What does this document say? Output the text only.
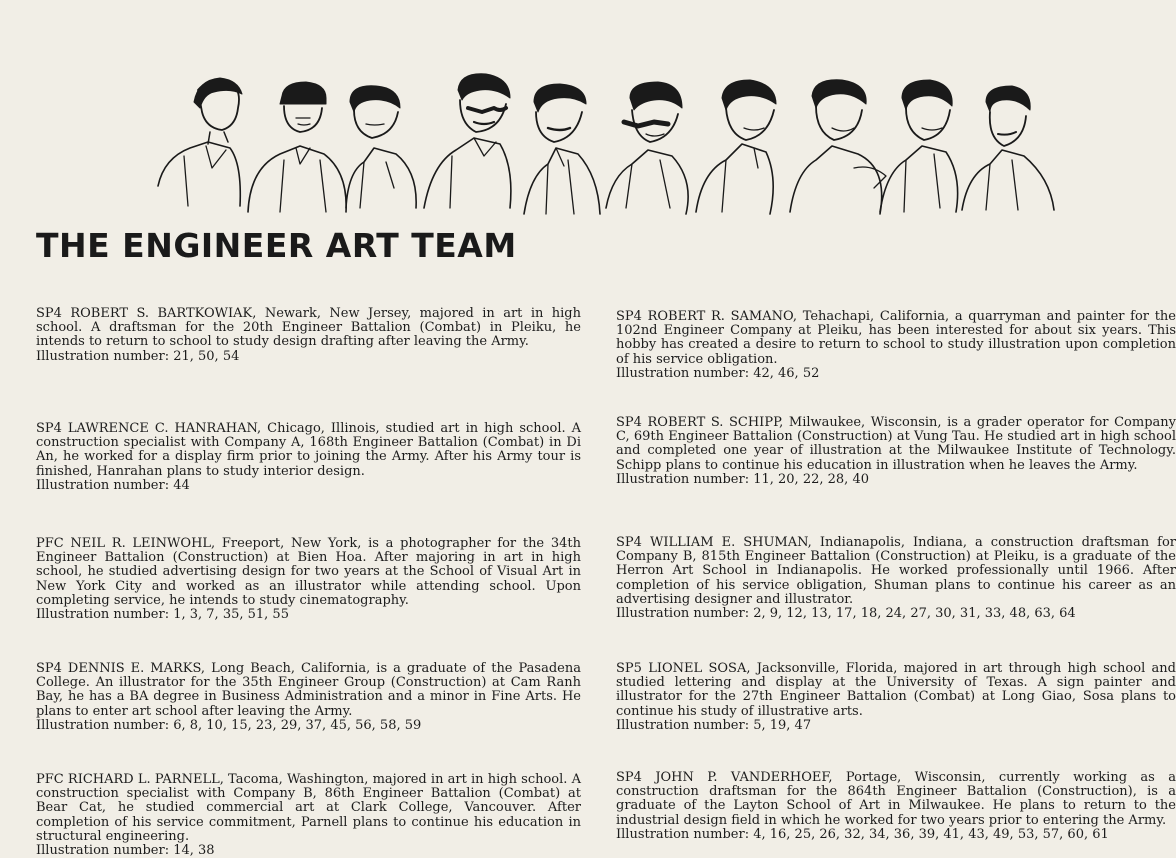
THE ENGINEER ART TEAM

SP4 ROBERT S. BARTKOWIAK, Newark, New Jersey, majored in art in high school. A draftsman for the 20th Engineer Battalion (Combat) in Pleiku, he intends to return to school to study design drafting after leaving the Army.

Illustration number: 21, 50, 54

SP4 LAWRENCE C. HANRAHAN, Chicago, Illinois, studied art in high school. A construction specialist with Company A, 168th Engineer Battalion (Combat) in Di An, he worked for a display firm prior to joining the Army. After his Army tour is finished, Hanrahan plans to study interior design.

Illustration number: 44

PFC NEIL R. LEINWOHL, Freeport, New York, is a photographer for the 34th Engineer Battalion (Construction) at Bien Hoa. After majoring in art in high school, he studied advertising design for two years at the School of Visual Art in New York City and worked as an illustrator while attending school. Upon completing service, he intends to study cinematography.

Illustration number: 1, 3, 7, 35, 51, 55

SP4 DENNIS E. MARKS, Long Beach, California, is a graduate of the Pasadena College. An illustrator for the 35th Engineer Group (Construction) at Cam Ranh Bay, he has a BA degree in Business Administration and a minor in Fine Arts. He plans to enter art school after leaving the Army.

Illustration number: 6, 8, 10, 15, 23, 29, 37, 45, 56, 58, 59

PFC RICHARD L. PARNELL, Tacoma, Washington, majored in art in high school. A construction specialist with Company B, 86th Engineer Battalion (Combat) at Bear Cat, he studied commercial art at Clark College, Vancouver. After completion of his service commitment, Parnell plans to continue his education in structural engineering.

Illustration number: 14, 38

SP4 ROBERT R. SAMANO, Tehachapi, California, a quarryman and painter for the 102nd Engineer Company at Pleiku, has been interested for about six years. This hobby has created a desire to return to school to study illustration upon completion of his service obligation.

Illustration number: 42, 46, 52

SP4 ROBERT S. SCHIPP, Milwaukee, Wisconsin, is a grader operator for Company C, 69th Engineer Battalion (Construction) at Vung Tau. He studied art in high school and completed one year of illustration at the Milwaukee Institute of Technology. Schipp plans to continue his education in illustration when he leaves the Army.

Illustration number: 11, 20, 22, 28, 40

SP4 WILLIAM E. SHUMAN, Indianapolis, Indiana, a construction draftsman for Company B, 815th Engineer Battalion (Construction) at Pleiku, is a graduate of the Herron Art School in Indianapolis. He worked professionally until 1966. After completion of his service obligation, Shuman plans to continue his career as an advertising designer and illustrator.

Illustration number: 2, 9, 12, 13, 17, 18, 24, 27, 30, 31, 33, 48, 63, 64

SP5 LIONEL SOSA, Jacksonville, Florida, majored in art through high school and studied lettering and display at the University of Texas. A sign painter and illustrator for the 27th Engineer Battalion (Combat) at Long Giao, Sosa plans to continue his study of illustrative arts.

Illustration number: 5, 19, 47

SP4 JOHN P. VANDERHOEF, Portage, Wisconsin, currently working as a construction draftsman for the 864th Engineer Battalion (Construction), is a graduate of the Layton School of Art in Milwaukee. He plans to return to the industrial design field in which he worked for two years prior to entering the Army.

Illustration number: 4, 16, 25, 26, 32, 34, 36, 39, 41, 43, 49, 53, 57, 60, 61
